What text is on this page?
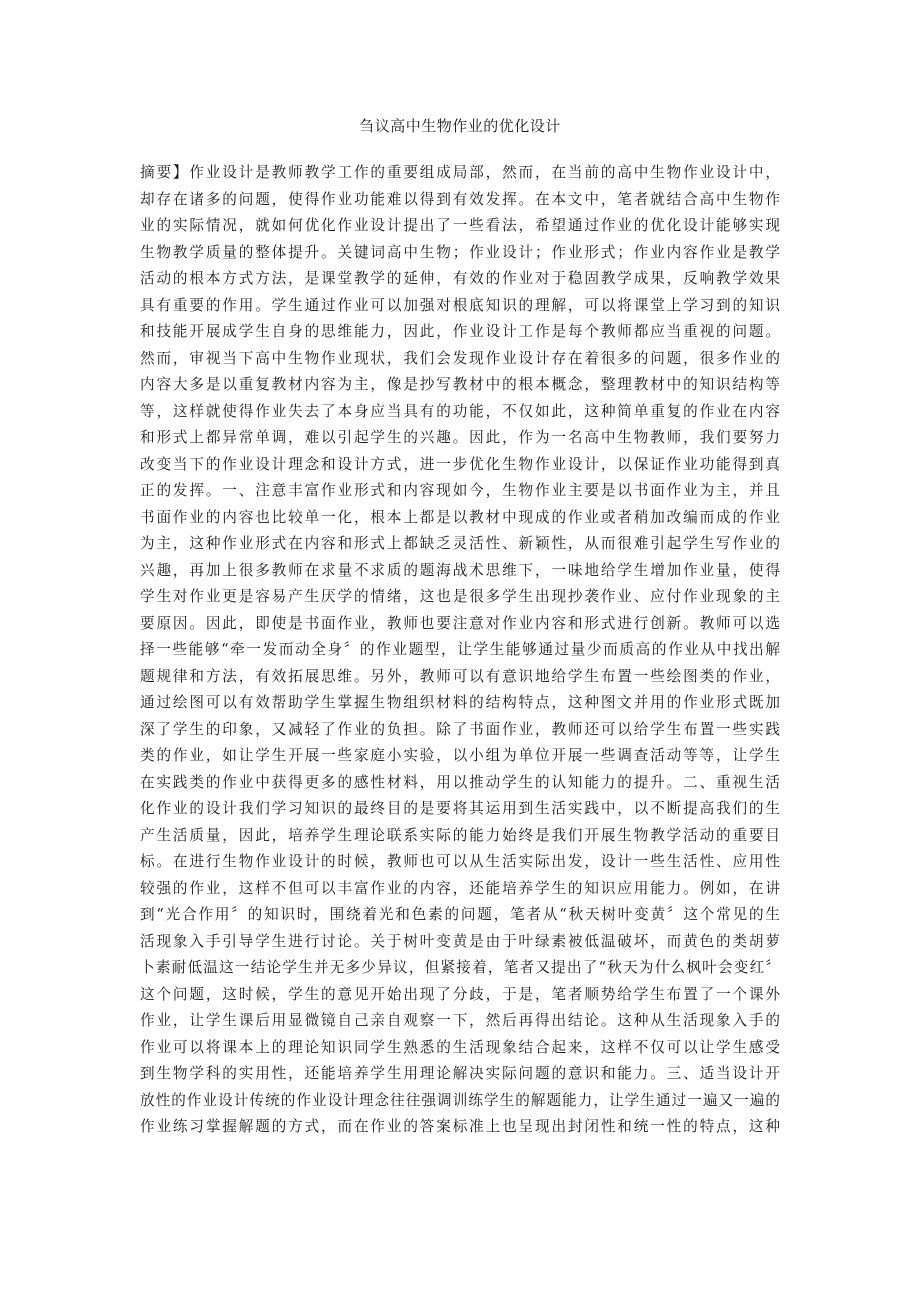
刍议高中生物作业的优化设计
摘要】作业设计是教师教学工作的重要组成局部，然而，在当前的高中生物作业设计中，
却存在诸多的问题，使得作业功能难以得到有效发挥。在本文中，笔者就结合高中生物作
业的实际情况，就如何优化作业设计提出了一些看法，希望通过作业的优化设计能够实现
生物教学质量的整体提升。关键词高中生物；作业设计；作业形式；作业内容作业是教学
活动的根本方式方法，是课堂教学的延伸，有效的作业对于稳固教学成果，反响教学效果
具有重要的作用。学生通过作业可以加强对根底知识的理解，可以将课堂上学习到的知识
和技能开展成学生自身的思维能力，因此，作业设计工作是每个教师都应当重视的问题。
然而，审视当下高中生物作业现状，我们会发现作业设计存在着很多的问题，很多作业的
内容大多是以重复教材内容为主，像是抄写教材中的根本概念，整理教材中的知识结构等
等，这样就使得作业失去了本身应当具有的功能，不仅如此，这种简单重复的作业在内容
和形式上都异常单调，难以引起学生的兴趣。因此，作为一名高中生物教师，我们要努力
改变当下的作业设计理念和设计方式，进一步优化生物作业设计，以保证作业功能得到真
正的发挥。一、注意丰富作业形式和内容现如今，生物作业主要是以书面作业为主，并且
书面作业的内容也比较单一化，根本上都是以教材中现成的作业或者稍加改编而成的作业
为主，这种作业形式在内容和形式上都缺乏灵活性、新颖性，从而很难引起学生写作业的
兴趣，再加上很多教师在求量不求质的题海战术思维下，一味地给学生增加作业量，使得
学生对作业更是容易产生厌学的情绪，这也是很多学生出现抄袭作业、应付作业现象的主
要原因。因此，即使是书面作业，教师也要注意对作业内容和形式进行创新。教师可以选
择一些能够“牵一发而动全身〞的作业题型，让学生能够通过量少而质高的作业从中找出解
题规律和方法，有效拓展思维。另外，教师可以有意识地给学生布置一些绘图类的作业，
通过绘图可以有效帮助学生掌握生物组织材料的结构特点，这种图文并用的作业形式既加
深了学生的印象，又减轻了作业的负担。除了书面作业，教师还可以给学生布置一些实践
类的作业，如让学生开展一些家庭小实验，以小组为单位开展一些调查活动等等，让学生
在实践类的作业中获得更多的感性材料，用以推动学生的认知能力的提升。二、重视生活
化作业的设计我们学习知识的最终目的是要将其运用到生活实践中，以不断提高我们的生
产生活质量，因此，培养学生理论联系实际的能力始终是我们开展生物教学活动的重要目
标。在进行生物作业设计的时候，教师也可以从生活实际出发，设计一些生活性、应用性
较强的作业，这样不但可以丰富作业的内容，还能培养学生的知识应用能力。例如，在讲
到“光合作用〞的知识时，围绕着光和色素的问题，笔者从“秋天树叶变黄〞这个常见的生
活现象入手引导学生进行讨论。关于树叶变黄是由于叶绿素被低温破坏，而黄色的类胡萝
卜素耐低温这一结论学生并无多少异议，但紧接着，笔者又提出了“秋天为什么枫叶会变红〞
这个问题，这时候，学生的意见开始出现了分歧，于是，笔者顺势给学生布置了一个课外
作业，让学生课后用显微镜自己亲自观察一下，然后再得出结论。这种从生活现象入手的
作业可以将课本上的理论知识同学生熟悉的生活现象结合起来，这样不仅可以让学生感受
到生物学科的实用性，还能培养学生用理论解决实际问题的意识和能力。三、适当设计开
放性的作业设计传统的作业设计理念往往强调训练学生的解题能力，让学生通过一遍又一遍的
作业练习掌握解题的方式，而在作业的答案标准上也呈现出封闭性和统一性的特点，这种
